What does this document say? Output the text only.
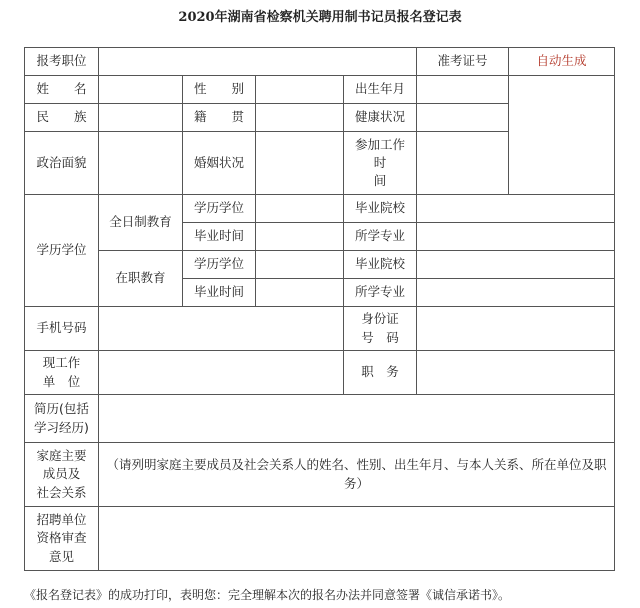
2020年湖南省检察机关聘用制书记员报名登记表
报考职位					准考证号	自动生成
姓　　名		性　　别		出生年月		
民　　族		籍　　贯		健康状况		
政治面貌		婚姻状况		参加工作
时
间		

学历学位	全日制教育	学历学位		毕业院校		
		毕业时间		所学专业		
	在职教育	学历学位		毕业院校		
		毕业时间		所学专业		
手机号码				身份证
号　码		

现工作
单　位				职　务		

简历(包括
学习经历)						

家庭主要
成员及
社会关系	（请列明家庭主要成员及社会关系人的姓名、性别、出生年月、与本人关系、所在单位及职务）					

招聘单位
资格审查
意见						

《报名登记表》的成功打印，表明您：完全理解本次的报名办法并同意签署《诚信承诺书》。
